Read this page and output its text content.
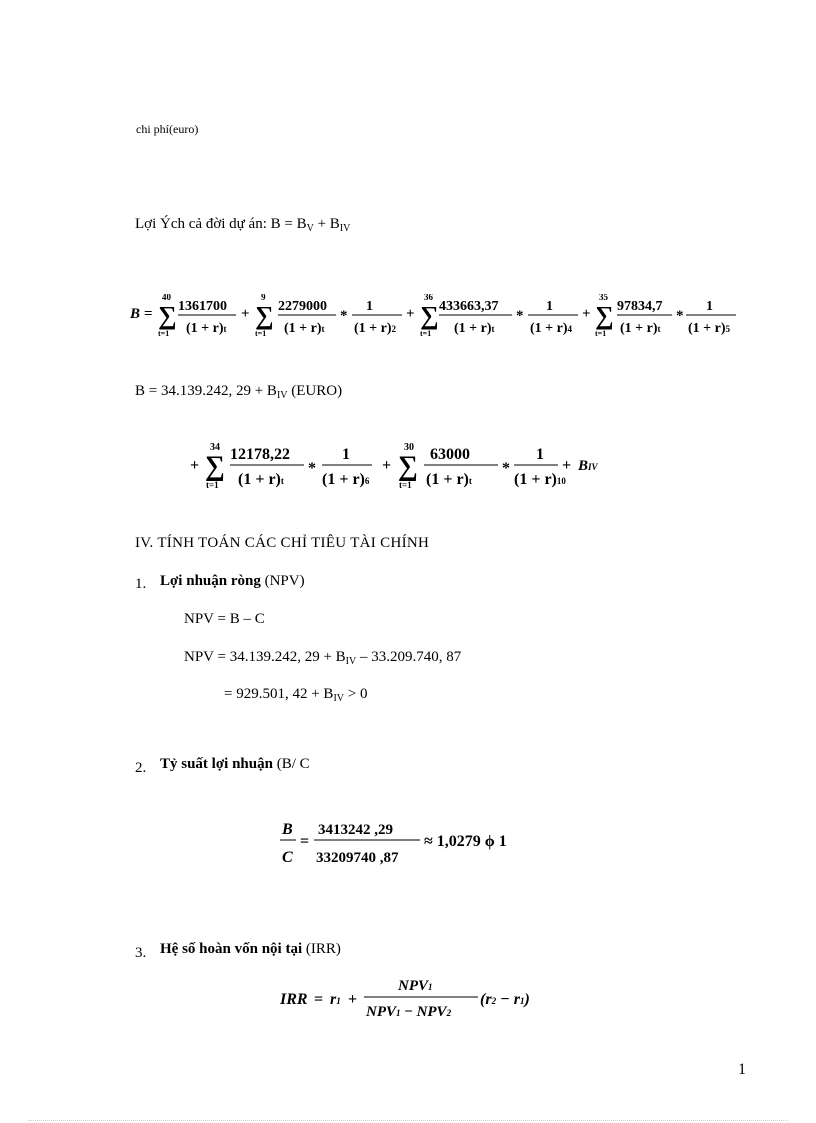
chi phí(euro)
Lợi Ých cả đời dự án: $B = B_V + B_{IV}$
B =
40
∑
t=1
1361700
(1 + r)t
+
9
∑
t=1
2279000
(1 + r)t
*
1
(1 + r)2
+
36
∑
t=1
433663,37
(1 + r)t
*
1
(1 + r)4
+
35
∑
t=1
97834,7
(1 + r)t
*
1
(1 + r)5
B = 34.139.242, $29 + B_{IV}$ (EURO)
+
34
∑
t=1
12178,22
(1 + r)t
*
1
(1 + r)6
+
30
∑
t=1
63000
(1 + r)t
*
1
(1 + r)10
+ BIV
IV. TÍNH TOÁN CÁC CHỈ TIÊU TÀI CHÍNH
1. Lợi nhuận ròng (NPV)
NPV = B – C
NPV = 34.139.242, $29 + B_{IV} - 33.209.740$, 87
= 929.501, $42 + B_{IV} > 0$
2. Tỷ suất lợi nhuận (B/ C
B
C
=
3413242 ,29
33209740 ,87
≈ 1,0279 ϕ 1
3. Hệ số hoàn vốn nội tại (IRR)
IRR = r1 +
NPV1
NPV1 − NPV2
(r2 − r1)
1
